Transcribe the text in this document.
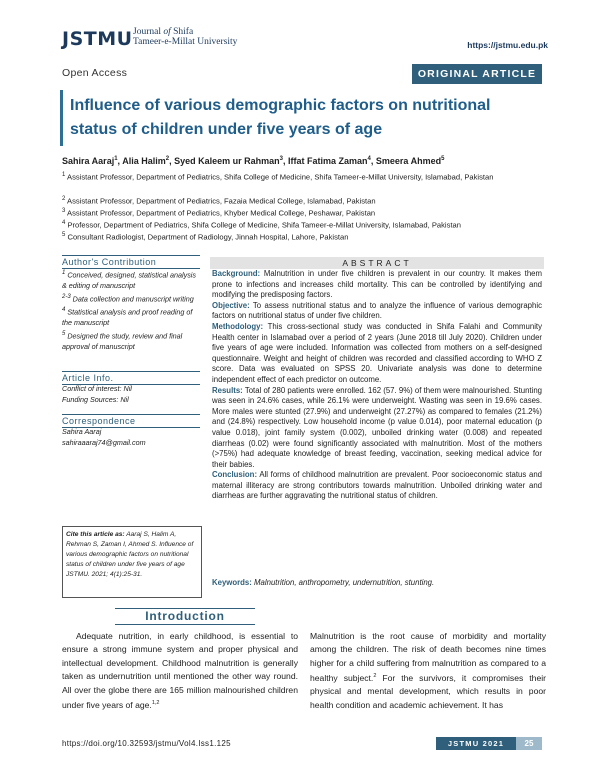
JSTMU Journal of Shifa
Tameer-e-Millat University	https://jstmu.edu.pk
Open Access	ORIGINAL ARTICLE
Influence of various demographic factors on nutritional status of children under five years of age
Sahira Aaraj$^1$, Alia Halim$^2$, Syed Kaleem ur Rahman$^3$, Iffat Fatima Zaman$^4$, Smeera Ahmed$^5$
$^1$ Assistant Professor, Department of Pediatrics, Shifa College of Medicine, Shifa Tameer-e-Millat University, Islamabad, Pakistan
$^2$ Assistant Professor, Department of Pediatrics, Fazaia Medical College, Islamabad, Pakistan
$^3$ Assistant Professor, Department of Pediatrics, Khyber Medical College, Peshawar, Pakistan
$^4$ Professor, Department of Pediatrics, Shifa College of Medicine, Shifa Tameer-e-Millat University, Islamabad, Pakistan
$^5$ Consultant Radiologist, Department of Radiology, Jinnah Hospital, Lahore, Pakistan
Author's Contribution
$^1$ Conceived, designed, statistical analysis & editing of manuscript
$^{2-3}$ Data collection and manuscript writing
$^4$ Statistical analysis and proof reading of the manuscript
$^5$ Designed the study, review and final approval of manuscript
Article Info.
Conflict of interest: Nil
Funding Sources: Nil
Correspondence
Sahira Aaraj
sahiraaaraj74@gmail.com
Cite this article as: Aaraj S, Halim A, Rehman S, Zaman I, Ahmed S. Influence of various demographic factors on nutritional status of children under five years of age JSTMU. 2021; 4(1):25-31.
ABSTRACT

Background: Malnutrition in under five children is prevalent in our country. It makes them prone to infections and increases child mortality. This can be controlled by identifying and modifying the predisposing factors.

Objective: To assess nutritional status and to analyze the influence of various demographic factors on nutritional status of under five children.

Methodology: This cross-sectional study was conducted in Shifa Falahi and Community Health center in Islamabad over a period of 2 years (June 2018 till July 2020). Children under five years of age were included. Information was collected from mothers on a self-designed questionnaire. Weight and height of children was recorded and classified according to WHO Z score. Data was evaluated on SPSS 20. Univariate analysis was done to determine independent effect of each predictor on outcome.

Results: Total of 280 patients were enrolled. 162 (57. 9%) of them were malnourished. Stunting was seen in 24.6% cases, while 26.1% were underweight. Wasting was seen in 19.6% cases. More males were stunted (27.9%) and underweight (27.27%) as compared to females (21.2%) and (24.8%) respectively. Low household income (p value 0.014), poor maternal education (p value 0.018), joint family system (0.002), unboiled drinking water (0.008) and repeated diarrheas (0.02) were found significantly associated with malnutrition. Most of the mothers (>75%) had adequate knowledge of breast feeding, vaccination, seeking medical advice for their babies.

Conclusion: All forms of childhood malnutrition are prevalent. Poor socioeconomic status and maternal illiteracy are strong contributors towards malnutrition. Unboiled drinking water and diarrheas are further aggravating the nutritional status of children.

Keywords: Malnutrition, anthropometry, undernutrition, stunting.
Introduction
Adequate nutrition, in early childhood, is essential to ensure a strong immune system and proper physical and intellectual development. Childhood malnutrition is generally taken as undernutrition until mentioned the other way round. All over the globe there are 165 million malnourished children under five years of age.$^{1,2}$
Malnutrition is the root cause of morbidity and mortality among the children. The risk of death becomes nine times higher for a child suffering from malnutrition as compared to a healthy subject.$^2$ For the survivors, it compromises their physical and mental development, which results in poor health condition and academic achievement. It has
https://doi.org/10.32593/jstmu/Vol4.Iss1.125	JSTMU 2021	25
